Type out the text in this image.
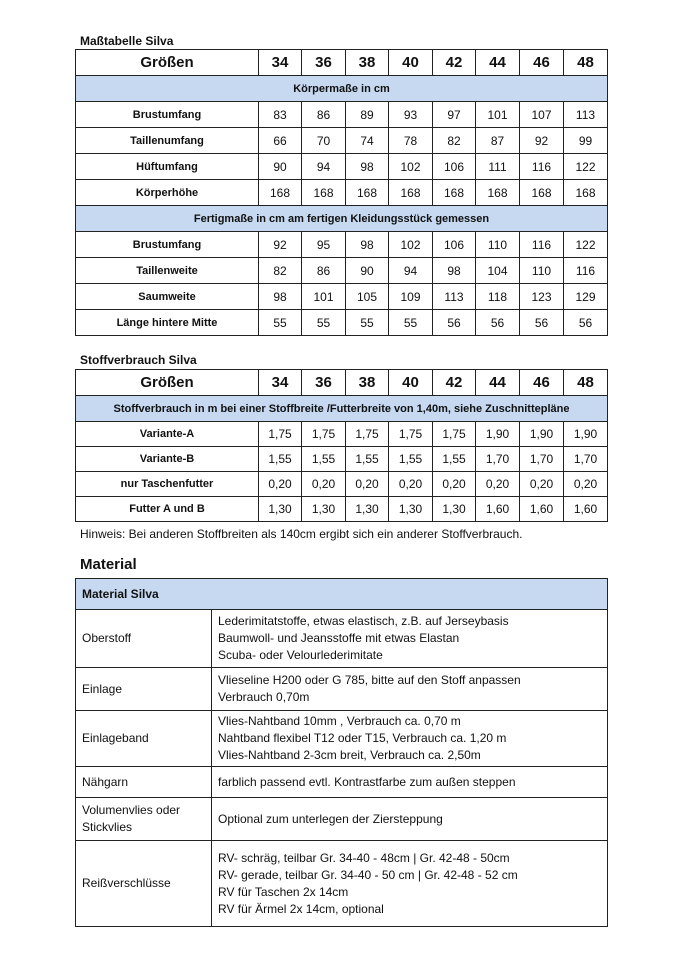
Maßtabelle Silva
Größen	34	36	38	40	42	44	46	48
Körpermaße in cm								
Brustumfang	83	86	89	93	97	101	107	113
Taillenumfang	66	70	74	78	82	87	92	99
Hüftumfang	90	94	98	102	106	111	116	122
Körperhöhe	168	168	168	168	168	168	168	168
Fertigmaße in cm am fertigen Kleidungsstück gemessen								
Brustumfang	92	95	98	102	106	110	116	122
Taillenweite	82	86	90	94	98	104	110	116
Saumweite	98	101	105	109	113	118	123	129
Länge hintere Mitte	55	55	55	55	56	56	56	56
Stoffverbrauch Silva
Größen	34	36	38	40	42	44	46	48
Stoffverbrauch in m bei einer Stoffbreite /Futterbreite von 1,40m, siehe Zuschnittepläne								
Variante-A	1,75	1,75	1,75	1,75	1,75	1,90	1,90	1,90
Variante-B	1,55	1,55	1,55	1,55	1,55	1,70	1,70	1,70
nur Taschenfutter	0,20	0,20	0,20	0,20	0,20	0,20	0,20	0,20
Futter A und B	1,30	1,30	1,30	1,30	1,30	1,60	1,60	1,60
Hinweis: Bei anderen Stoffbreiten als 140cm ergibt sich ein anderer Stoffverbrauch.
Material
Material Silva	
Oberstoff	Lederimitatstoffe, etwas elastisch, z.B. auf Jerseybasis
Baumwoll- und Jeansstoffe mit etwas Elastan
Scuba- oder Velourlederimitate

Einlage	Vlieseline H200 oder G 785, bitte auf den Stoff anpassen
Verbrauch 0,70m

Einlageband	Vlies-Nahtband 10mm , Verbrauch ca. 0,70 m
Nahtband flexibel T12 oder T15, Verbrauch ca. 1,20 m
Vlies-Nahtband 2-3cm breit, Verbrauch ca. 2,50m

Nähgarn	farblich passend evtl. Kontrastfarbe zum außen steppen

Volumenvlies oder Stickvlies	Optional zum unterlegen der Ziersteppung

Reißverschlüsse	RV- schräg, teilbar Gr. 34-40 - 48cm | Gr. 42-48 - 50cm
RV- gerade, teilbar Gr. 34-40 - 50 cm | Gr. 42-48 - 52 cm
RV für Taschen 2x 14cm
RV für Ärmel 2x 14cm, optional
